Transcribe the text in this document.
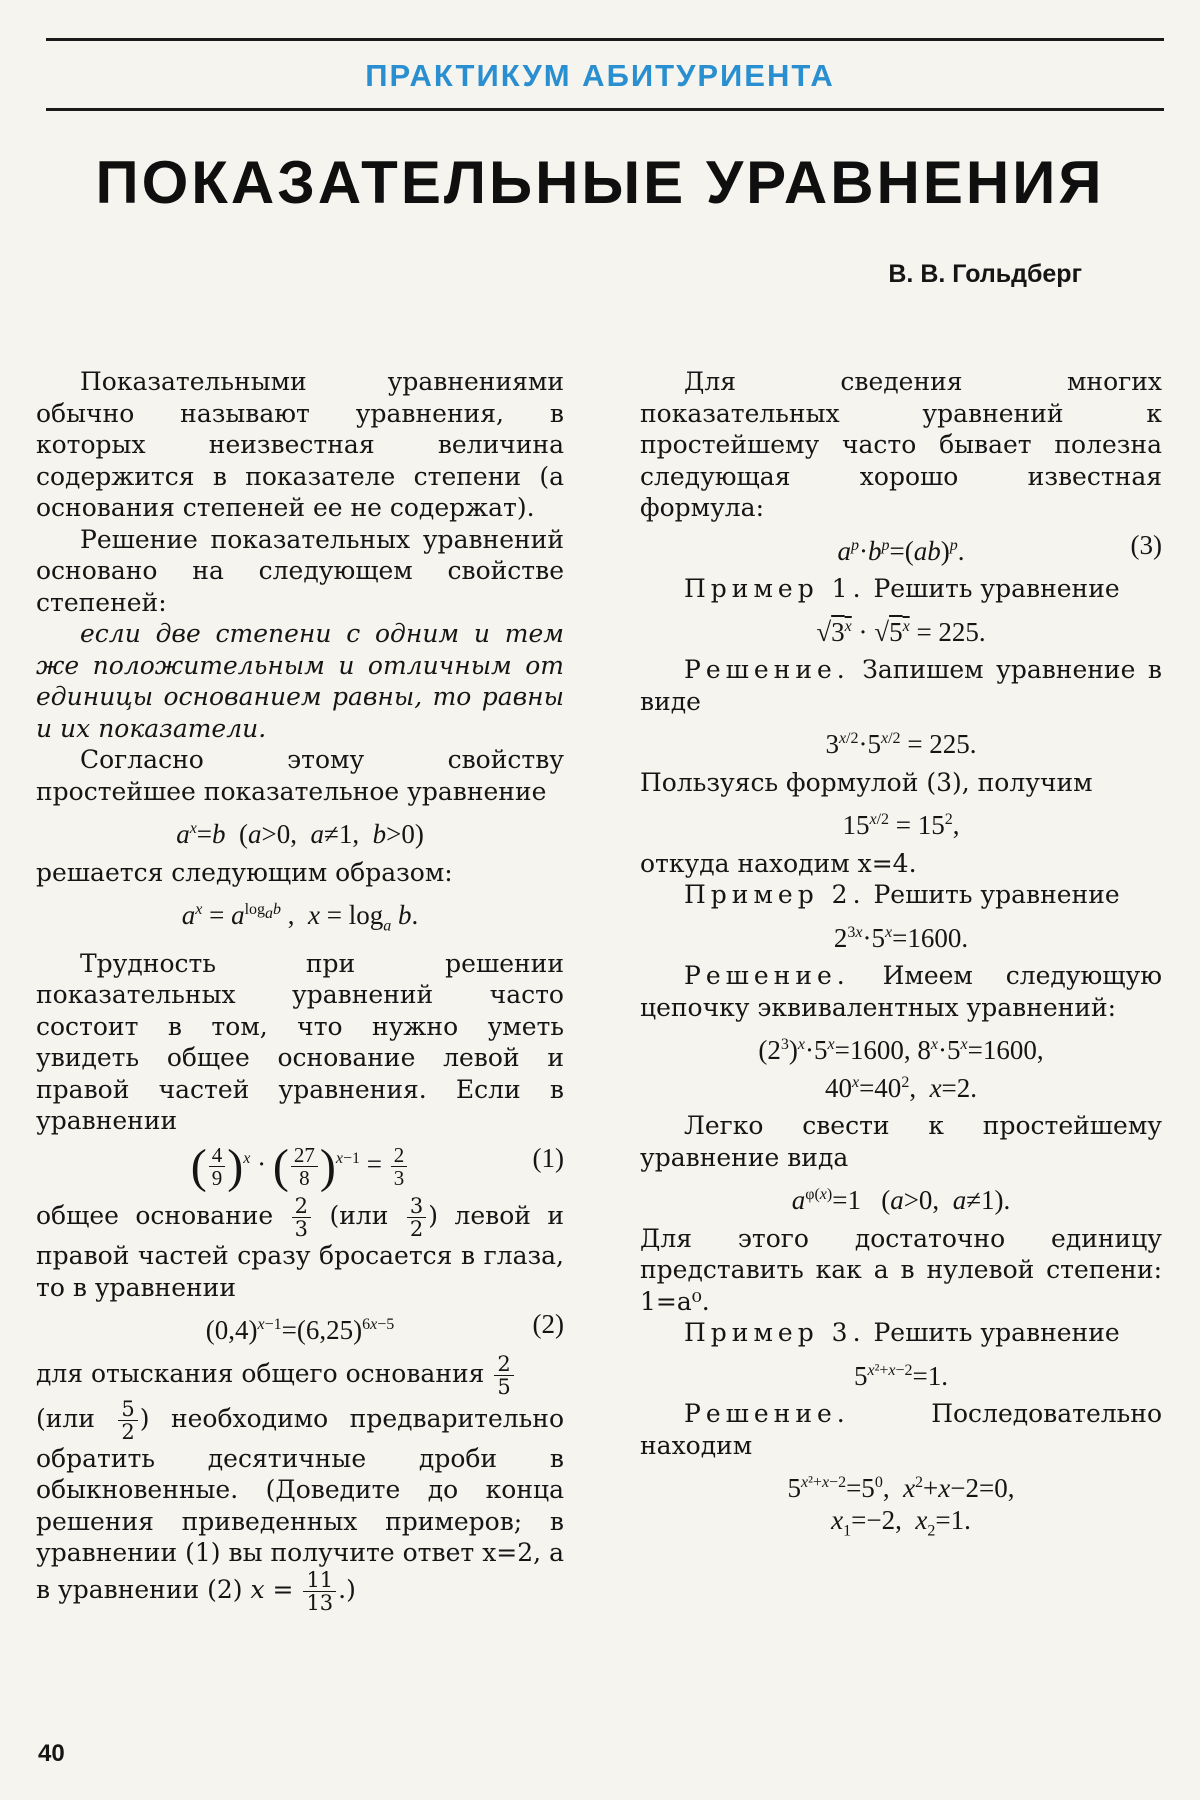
ПРАКТИКУМ АБИТУРИЕНТА
ПОКАЗАТЕЛЬНЫЕ УРАВНЕНИЯ
В. В. Гольдберг

Показательными уравнениями обычно называют уравнения, в которых неизвестная величина содержится в показателе степени (а основания степеней ее не содержат).

Решение показательных уравнений основано на следующем свойстве степеней:

если две степени с одним и тем же положительным и отличным от единицы основанием равны, то равны и их показатели.

Согласно этому свойству простейшее показательное уравнение

$a^x=b$  (a>0,  a≠1,  b>0)

решается следующим образом:

$a^x = a^{log_ab}$ ,  $x = \log_a b$.

Трудность при решении показательных уравнений часто состоит в том, что нужно уметь увидеть общее основание левой и правой частей уравнения. Если в уравнении

( $\frac{4}{9} )^x$ · ( $\frac{27}{8} )^{x-1} = \frac{2}{3}$	(1)

общее основание $\frac{2}{3} (или \frac{3}{2}$ ) левой и правой частей сразу бросается в глаза, то в уравнении

$(0,4)^{x-1}=(6,25)^{6x-5}$	(2)

для отыскания общего основания $\frac{2}{5}$

($или \frac{5}{2}$ ) необходимо предварительно обратить десятичные дроби в обыкновенные. (Доведите до конца решения приведенных примеров; в уравнении (1) вы получите ответ x=2, а в уравнении (2) $x = \frac{11}{13}$ .)

Для сведения многих показательных уравнений к простейшему часто бывает полезна следующая хорошо известная формула:

$a^p\cdot b^p=(ab)^p$.	(3)

Пример 1. Решить уравнение

$√3^x \cdot √5^x = 225$.

Решение. Запишем уравнение в виде

$3^{x/2}\cdot 5^{x/2} = 225$.

Пользуясь формулой (3), получим

$15^{x/2} = 15^2$,

откуда находим x=4.

Пример 2. Решить уравнение

$2^{3x}\cdot 5^x=1600$.

Решение. Имеем следующую цепочку эквивалентных уравнений:

$(2^3)^x\cdot 5^x=1600$, $8^x\cdot 5^x=1600$,
$40^x=40^2$,  x=2.

Легко свести к простейшему уравнение вида

$a^{\varphi(x)}=1$   (a>0,  a≠1).

Для этого достаточно единицу представить как a в нулевой степени: 1=a⁰.

Пример 3. Решить уравнение

$5^{x^2+x-2}=1$.

Решение.	Последовательно находим

$5^{x^2+x-2}=5^0$,  $x^2+x-2=0$,
$x_1=-2$,  $x_2=1$.
40
